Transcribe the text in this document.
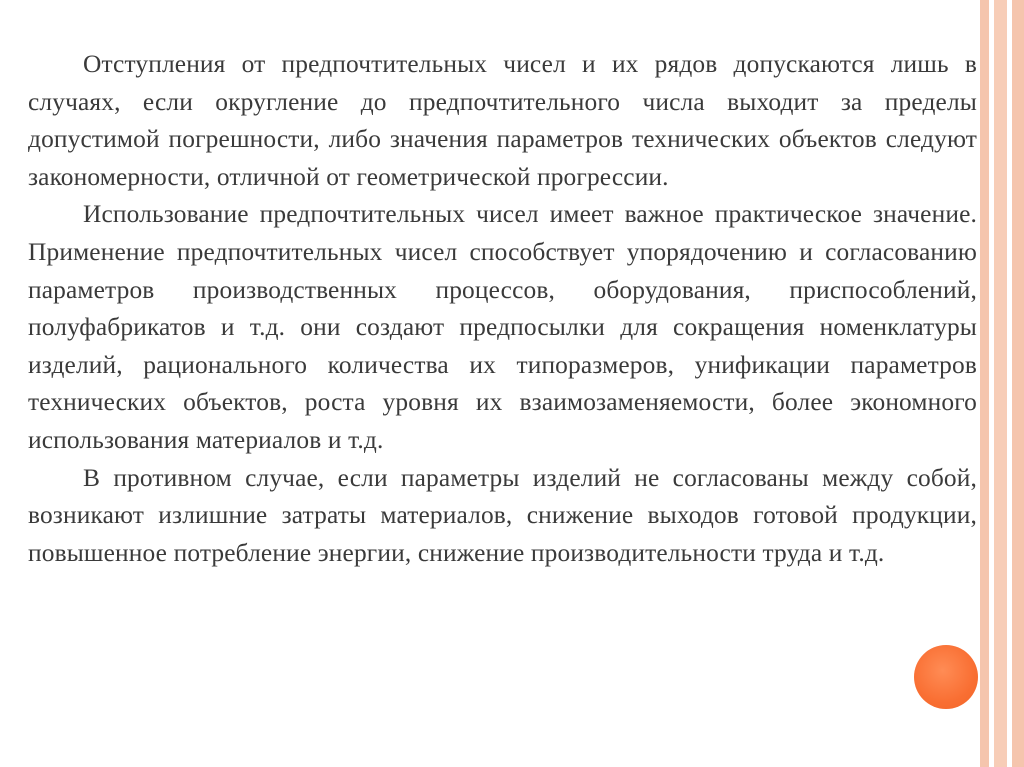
Отступления от предпочтительных чисел и их рядов допускаются лишь в случаях, если округление до предпочтительного числа выходит за пределы допустимой погрешности, либо значения параметров технических объектов следуют закономерности, отличной от геометрической прогрессии.

Использование предпочтительных чисел имеет важное практическое значение. Применение предпочтительных чисел способствует упорядочению и согласованию параметров производственных процессов, оборудования, приспособлений, полуфабрикатов и т.д. они создают предпосылки для сокращения номенклатуры изделий, рационального количества их типоразмеров, унификации параметров технических объектов, роста уровня их взаимозаменяемости, более экономного использования материалов и т.д.

В противном случае, если параметры изделий не согласованы между собой, возникают излишние затраты материалов, снижение выходов готовой продукции, повышенное потребление энергии, снижение производительности труда и т.д.
